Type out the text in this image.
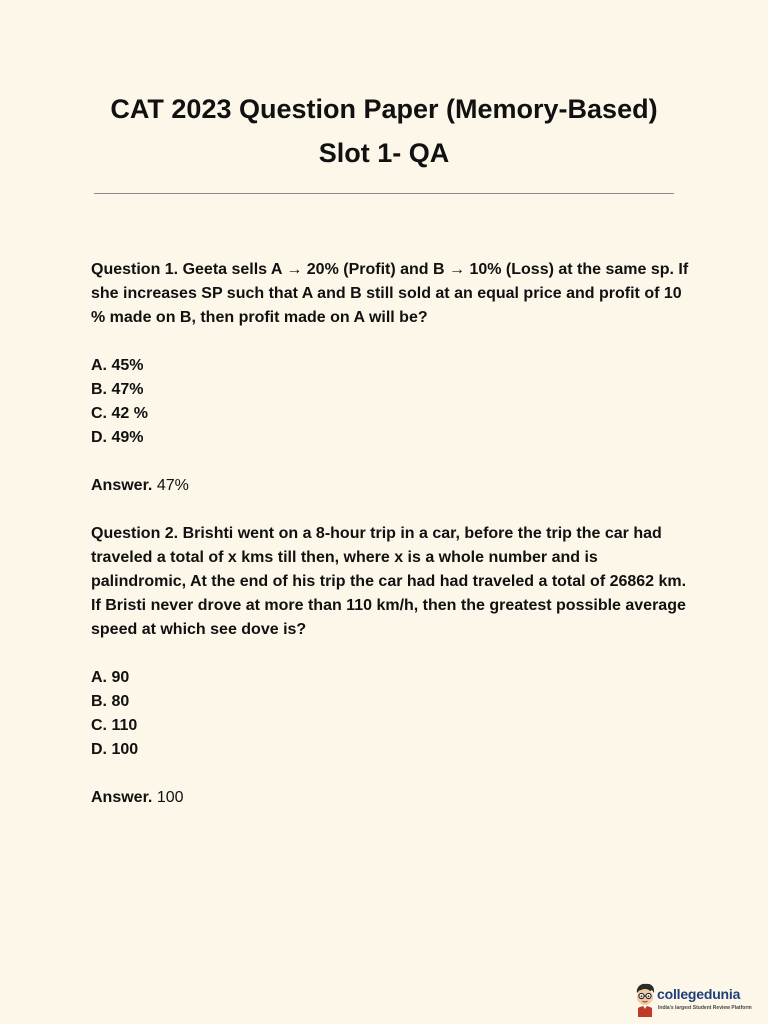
CAT 2023 Question Paper (Memory-Based)
Slot 1- QA

Question 1. Geeta sells A → 20% (Profit) and B → 10% (Loss) at the same sp. If she increases SP such that A and B still sold at an equal price and profit of 10 % made on B, then profit made on A will be?

A. 45%
B. 47%
C. 42 %
D. 49%

Answer. 47%

Question 2. Brishti went on a 8-hour trip in a car, before the trip the car had traveled a total of x kms till then, where x is a whole number and is palindromic, At the end of his trip the car had had traveled a total of 26862 km. If Bristi never drove at more than 110 km/h, then the greatest possible average speed at which see dove is?

A. 90
B. 80
C. 110
D. 100

Answer. 100

collegedunia
India's largest Student Review Platform
